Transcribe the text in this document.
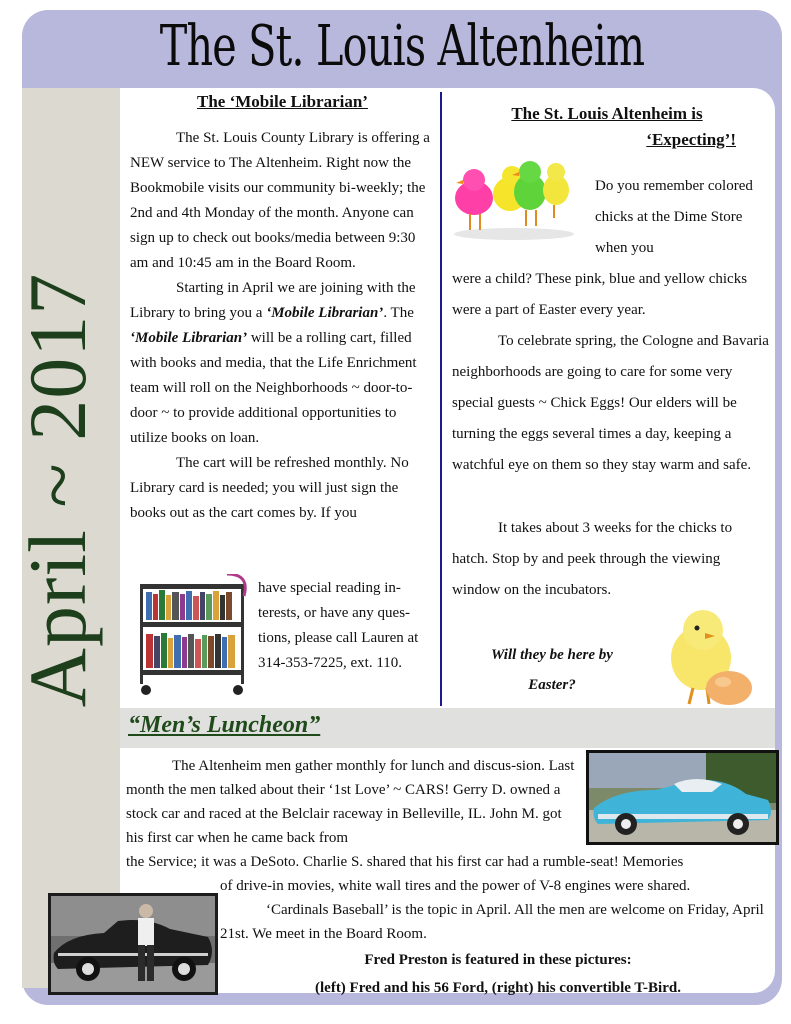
The St. Louis Altenheim
April ~ 2017
The ‘Mobile Librarian’

The St. Louis County Library is offering a NEW service to The Altenheim. Right now the Bookmobile visits our community bi-weekly; the 2nd and 4th Monday of the month. Anyone can sign up to check out books/media between 9:30 am and 10:45 am in the Board Room.

Starting in April we are joining with the Library to bring you a ‘Mobile Librarian’. The ‘Mobile Librarian’ will be a rolling cart, filled with books and media, that the Life Enrichment team will roll on the Neighborhoods ~ door-to-door ~ to provide additional opportunities to utilize books on loan.

The cart will be refreshed monthly. No Library card is needed; you will just sign the books out as the cart comes by. If you

have special reading in-terests, or have any ques-tions, please call Lauren at 314-353-7225, ext. 110.

The St. Louis Altenheim is
‘Expecting’!

Do you remember colored chicks at the Dime Store when you

were a child? These pink, blue and yellow chicks were a part of Easter every year.

To celebrate spring, the Cologne and Bavaria neighborhoods are going to care for some very special guests ~ Chick Eggs! Our elders will be turning the eggs several times a day, keeping a watchful eye on them so they stay warm and safe.

It takes about 3 weeks for the chicks to hatch. Stop by and peek through the viewing window on the incubators.

Will they be here by
Easter?
“Men’s Luncheon”

The Altenheim men gather monthly for lunch and discus-sion. Last month the men talked about their ‘1st Love’ ~ CARS! Gerry D. owned a stock car and raced at the Belclair raceway in Belleville, IL. John M. got his first car when he came back from

the Service; it was a DeSoto. Charlie S. shared that his first car had a rumble-seat! Memories

of drive-in movies, white wall tires and the power of V-8 engines were shared.

‘Cardinals Baseball’ is the topic in April. All the men are welcome on Friday, April 21st. We meet in the Board Room.

Fred Preston is featured in these pictures:
(left) Fred and his 56 Ford, (right) his convertible T-Bird.
